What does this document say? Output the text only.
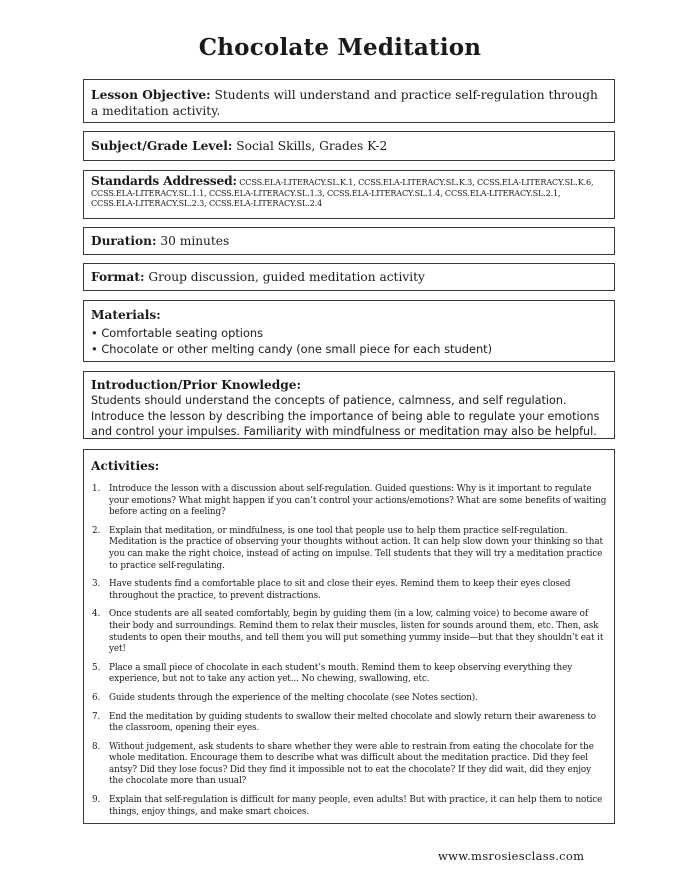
Chocolate Meditation
Lesson Objective: Students will understand and practice self-regulation through a meditation activity.
Subject/Grade Level: Social Skills, Grades K-2
Standards Addressed: CCSS.ELA-LITERACY.SL.K.1, CCSS.ELA-LITERACY.SL.K.3, CCSS.ELA-LITERACY.SL.K.6, CCSS.ELA-LITERACY.SL.1.1, CCSS.ELA-LITERACY.SL.1.3, CCSS.ELA-LITERACY.SL.1.4, CCSS.ELA-LITERACY.SL.2.1, CCSS.ELA-LITERACY.SL.2.3, CCSS.ELA-LITERACY.SL.2.4
Duration: 30 minutes
Format: Group discussion, guided meditation activity
Materials:
• Comfortable seating options
• Chocolate or other melting candy (one small piece for each student)
Introduction/Prior Knowledge:
Students should understand the concepts of patience, calmness, and self regulation. Introduce the lesson by describing the importance of being able to regulate your emotions and control your impulses. Familiarity with mindfulness or meditation may also be helpful.
Activities:
1. Introduce the lesson with a discussion about self-regulation. Guided questions: Why is it important to regulate your emotions? What might happen if you can’t control your actions/emotions? What are some benefits of waiting before acting on a feeling?
2. Explain that meditation, or mindfulness, is one tool that people use to help them practice self-regulation. Meditation is the practice of observing your thoughts without action. It can help slow down your thinking so that you can make the right choice, instead of acting on impulse. Tell students that they will try a meditation practice to practice self-regulating.
3. Have students find a comfortable place to sit and close their eyes. Remind them to keep their eyes closed throughout the practice, to prevent distractions.
4. Once students are all seated comfortably, begin by guiding them (in a low, calming voice) to become aware of their body and surroundings. Remind them to relax their muscles, listen for sounds around them, etc. Then, ask students to open their mouths, and tell them you will put something yummy inside—but that they shouldn’t eat it yet!
5. Place a small piece of chocolate in each student’s mouth. Remind them to keep observing everything they experience, but not to take any action yet... No chewing, swallowing, etc.
6. Guide students through the experience of the melting chocolate (see Notes section).
7. End the meditation by guiding students to swallow their melted chocolate and slowly return their awareness to the classroom, opening their eyes.
8. Without judgement, ask students to share whether they were able to restrain from eating the chocolate for the whole meditation. Encourage them to describe what was difficult about the meditation practice. Did they feel antsy? Did they lose focus? Did they find it impossible not to eat the chocolate? If they did wait, did they enjoy the chocolate more than usual?
9. Explain that self-regulation is difficult for many people, even adults! But with practice, it can help them to notice things, enjoy things, and make smart choices.
www.msrosiesclass.com
